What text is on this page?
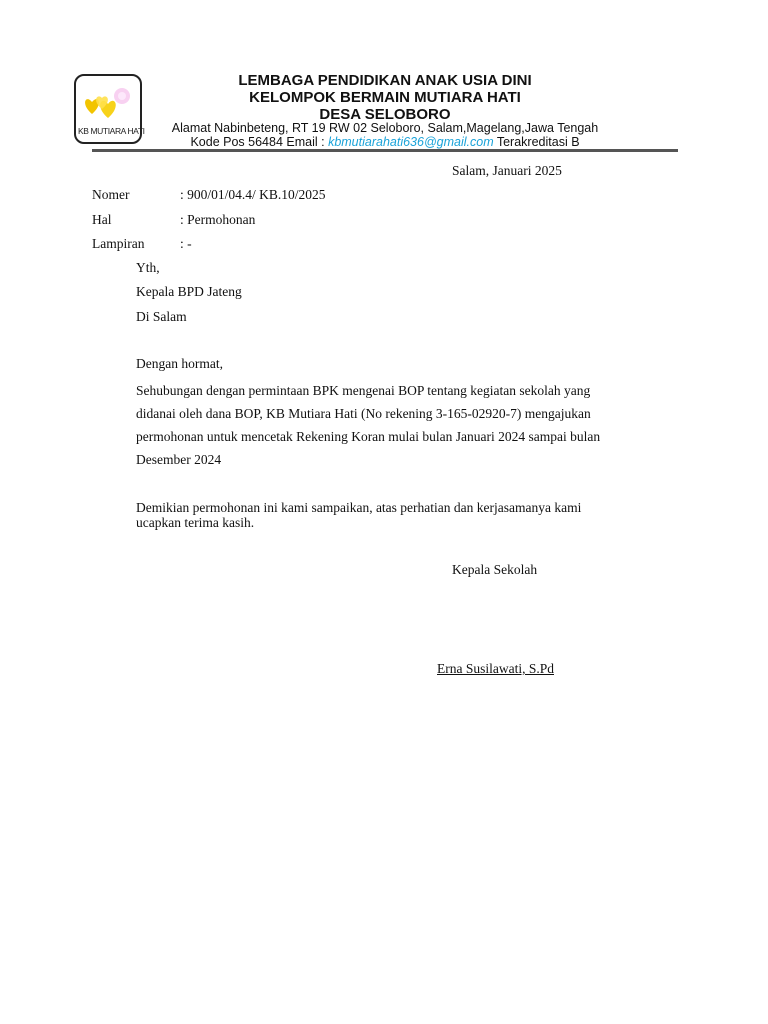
KB MUTIARA HATI
LEMBAGA PENDIDIKAN ANAK USIA DINI
KELOMPOK BERMAIN MUTIARA HATI
DESA SELOBORO
Alamat Nabinbeteng, RT 19 RW 02 Seloboro, Salam,Magelang,Jawa Tengah
Kode Pos 56484 Email : kbmutiarahati636@gmail.com Terakreditasi B
Salam, Januari 2025
Nomer	: 900/01/04.4/ KB.10/2025
Hal	: Permohonan
Lampiran	: -
Yth,
Kepala BPD Jateng
Di Salam
Dengan hormat,
Sehubungan dengan permintaan BPK mengenai BOP tentang kegiatan sekolah yang
didanai oleh dana BOP, KB Mutiara Hati (No rekening 3-165-02920-7) mengajukan
permohonan untuk mencetak Rekening Koran mulai bulan Januari 2024 sampai bulan
Desember 2024
Demikian permohonan ini kami sampaikan, atas perhatian dan kerjasamanya kami
ucapkan terima kasih.
Kepala Sekolah
Erna Susilawati, S.Pd
